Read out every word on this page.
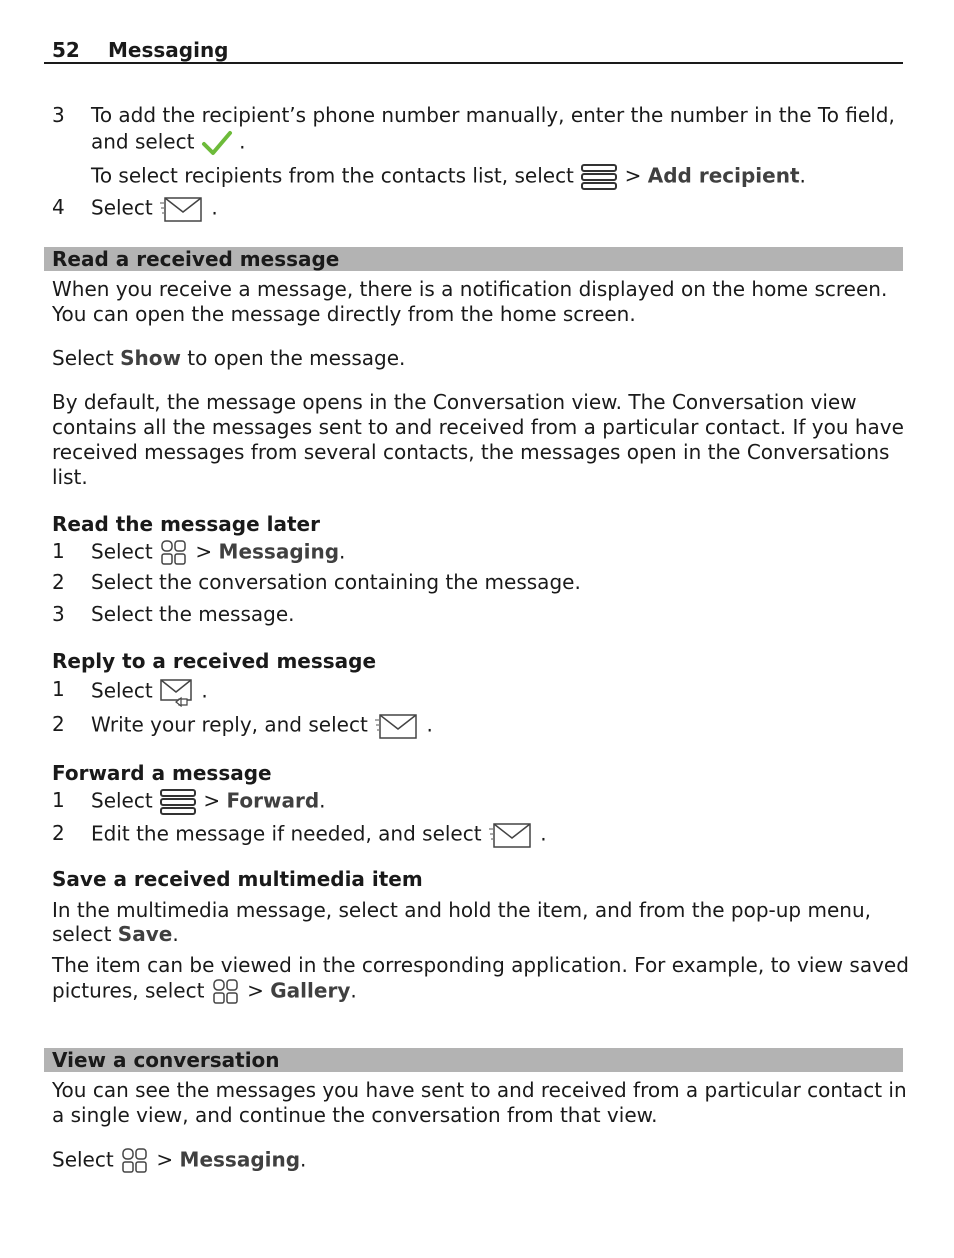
52 Messaging
3 To add the recipient’s phone number manually, enter the number in the To field,
and select .
To select recipients from the contacts list, select	> Add recipient.
4 Select	.
Read a received message
When you receive a message, there is a notification displayed on the home screen.
You can open the message directly from the home screen.
Select Show to open the message.
By default, the message opens in the Conversation view. The Conversation view
contains all the messages sent to and received from a particular contact. If you have
received messages from several contacts, the messages open in the Conversations
list.
Read the message later
1 Select > Messaging.
2 Select the conversation containing the message.
3 Select the message.
Reply to a received message
1 Select .
2 Write your reply, and select	.
Forward a message
1 Select	> Forward.
2 Edit the message if needed, and select	.
Save a received multimedia item
In the multimedia message, select and hold the item, and from the pop-up menu,
select Save.
The item can be viewed in the corresponding application. For example, to view saved
pictures, select > Gallery.
View a conversation
You can see the messages you have sent to and received from a particular contact in
a single view, and continue the conversation from that view.
Select > Messaging.
